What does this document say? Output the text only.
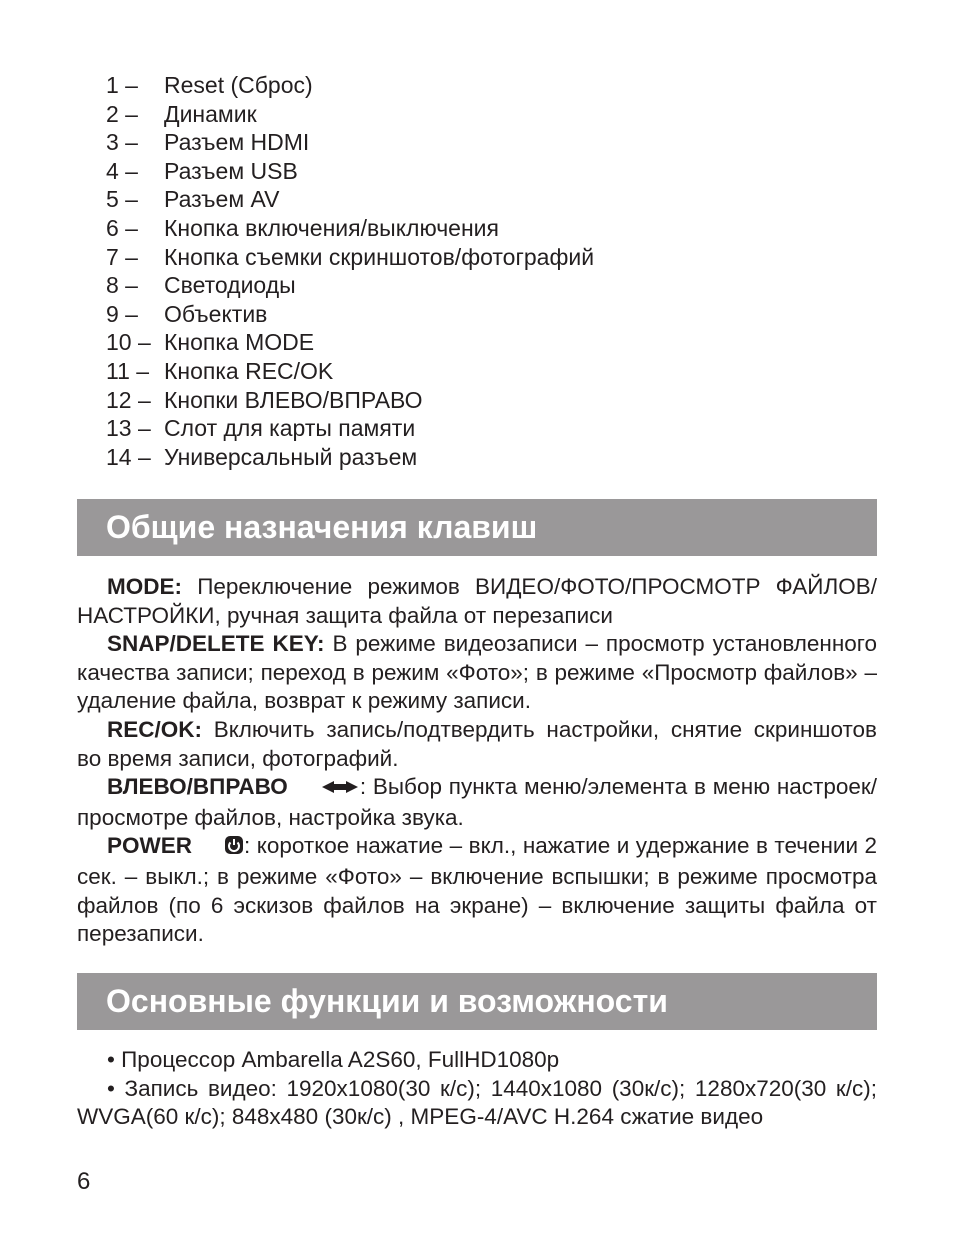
1 –	Reset (Сброс)
2 –	Динамик
3 –	Разъем HDMI
4 –	Разъем USB
5 –	Разъем AV
6 –	Кнопка включения/выключения
7 –	Кнопка съемки скриншотов/фотографий
8 –	Светодиоды
9 –	Объектив
10 – Кнопка MODE
11 – Кнопка REC/OK
12 – Кнопки ВЛЕВО/ВПРАВО
13 – Слот для карты памяти
14 – Универсальный разъем
Общие назначения клавиш

MODE: Переключение режимов ВИДЕО/ФОТО/ПРОСМОТР ФАЙЛОВ/НАСТРОЙКИ, ручная защита файла от перезаписи

SNAP/DELETE KEY: В режиме видеозаписи – просмотр установленного качества записи; переход в режим «Фото»; в режиме «Просмотр файлов» – удаление файла, возврат к режиму записи.

REC/OK: Включить запись/подтвердить настройки, снятие скриншотов во время записи, фотографий.

ВЛЕВО/ВПРАВО	: Выбор пункта меню/элемента в меню настроек/просмотре файлов, настройка звука.

POWER : короткое нажатие – вкл., нажатие и удержание в течении 2 сек. – выкл.; в режиме «Фото» – включение вспышки; в режиме просмотра файлов (по 6 эскизов файлов на экране) – включение защиты файла от перезаписи.

Основные функции и возможности

• Процессор Ambarella A2S60, FullHD1080p

• Запись видео: 1920x1080(30 к/с); 1440x1080 (30к/с); 1280x720(30 к/с); WVGA(60 к/с); 848x480 (30к/с) , MPEG-4/AVC H.264 сжатие видео

6
